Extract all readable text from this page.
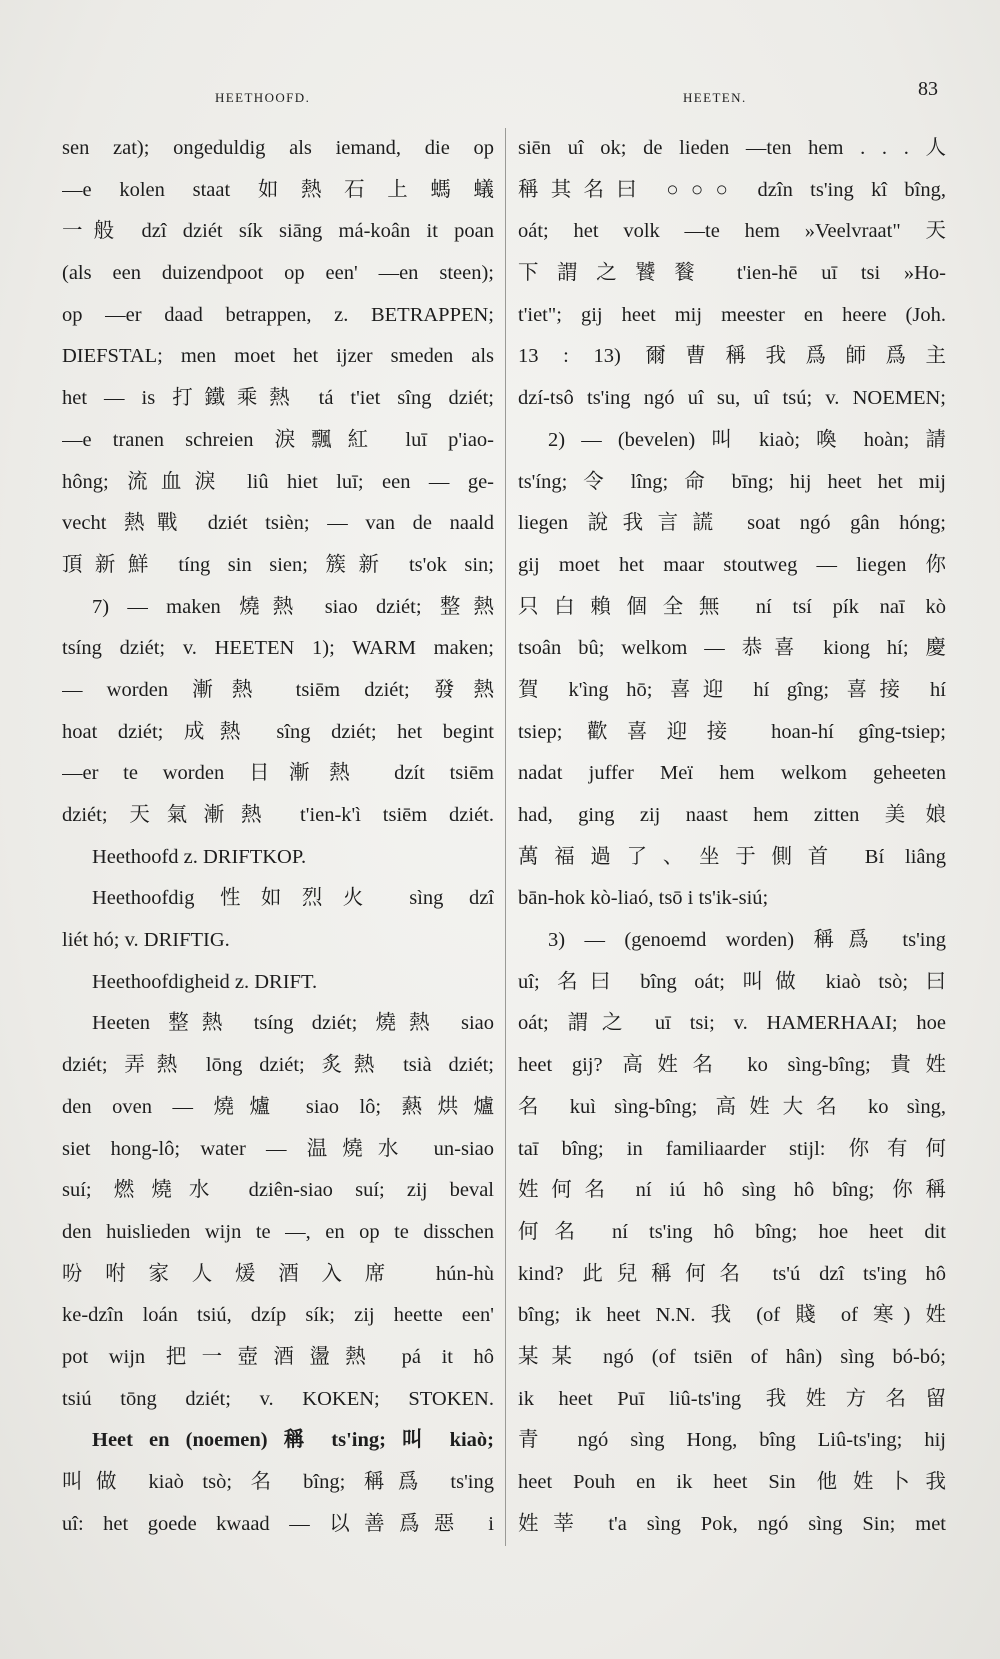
HEETHOOFD.	HEETEN.	83
sen zat); ongeduldig als iemand, die op
—e kolen staat 如熱石上螞蟻
一般 dzî dziét sík siāng má-koân it poan
(als een duizendpoot op een' —en steen);
op —er daad betrappen, z. BETRAPPEN;
DIEFSTAL; men moet het ijzer smeden als
het — is 打鐵乘熱 tá t'iet sîng dziét;
—e tranen schreien 淚飄紅 luī p'iao-
hông; 流血淚 liû hiet luī; een — ge-
vecht 熱戰 dziét tsièn; — van de naald
頂新鮮 tíng sin sien; 簇新 ts'ok sin;
7) — maken 燒熱 siao dziét; 整熱
tsíng dziét; v. HEETEN 1); WARM maken;
— worden 漸熱 tsiēm dziét; 發熱
hoat dziét; 成熱 sîng dziét; het begint
—er te worden 日漸熱 dzít tsiēm
dziét; 天氣漸熱 t'ien-k'ì tsiēm dziét.
Heethoofd z. DRIFTKOP.
Heethoofdig 性如烈火 sìng dzî
liét hó; v. DRIFTIG.
Heethoofdigheid z. DRIFT.
Heeten 整熱 tsíng dziét; 燒熱 siao
dziét; 弄熱 lōng dziét; 炙熱 tsià dziét;
den oven — 燒爐 siao lô; 爇烘爐
siet hong-lô; water — 温燒水 un-siao
suí; 燃燒水 dziên-siao suí; zij beval
den huislieden wijn te —, en op te disschen
吩咐家人煖酒入席 hún-hù
ke-dzîn loán tsiú, dzíp sík; zij heette een'
pot wijn 把一壺酒盪熱 pá it hô
tsiú tōng dziét; v. KOKEN; STOKEN.
Heet en (noemen) 稱 ts'ing; 叫 kiaò;
叫做 kiaò tsò; 名 bîng; 稱爲 ts'ing
uî: het goede kwaad — 以善爲惡 i
siēn uî ok; de lieden —ten hem . . . 人
稱其名曰 ○○○ dzîn ts'ing kî bîng,
oát; het volk —te hem »Veelvraat" 天
下謂之饕餮 t'ien-hē uī tsi »Ho-
t'iet"; gij heet mij meester en heere (Joh.
13 : 13) 爾曹稱我爲師爲主
dzí-tsô ts'ing ngó uî su, uî tsú; v. NOEMEN;
2) — (bevelen) 叫 kiaò; 喚 hoàn; 請
ts'íng; 令 lîng; 命 bīng; hij heet het mij
liegen 說我言謊 soat ngó gân hóng;
gij moet het maar stoutweg — liegen 你
只白賴個全無 ní tsí pík naī kò
tsoân bû; welkom — 恭喜 kiong hí; 慶
賀 k'ìng hō; 喜迎 hí gîng; 喜接 hí
tsiep; 歡喜迎接 hoan-hí gîng-tsiep;
nadat juffer Meï hem welkom geheeten
had, ging zij naast hem zitten 美娘
萬福過了、坐于側首 Bí liâng
bān-hok kò-liaó, tsō i ts'ik-siú;
3) — (genoemd worden) 稱爲 ts'ing
uî; 名曰 bîng oát; 叫做 kiaò tsò; 曰
oát; 謂之 uī tsi; v. HAMERHAAI; hoe
heet gij? 高姓名 ko sìng-bîng; 貴姓
名 kuì sìng-bîng; 高姓大名 ko sìng,
taī bîng; in familiaarder stijl: 你有何
姓何名 ní iú hô sìng hô bîng; 你稱
何名 ní ts'ing hô bîng; hoe heet dit
kind? 此兒稱何名 ts'ú dzî ts'ing hô
bîng; ik heet N.N. 我 (of 賤 of 寒) 姓
某某 ngó (of tsiēn of hân) sìng bó-bó;
ik heet Puī liû-ts'ing 我姓方名留
青 ngó sìng Hong, bîng Liû-ts'ing; hij
heet Pouh en ik heet Sin 他姓卜我
姓莘 t'a sìng Pok, ngó sìng Sin; met
